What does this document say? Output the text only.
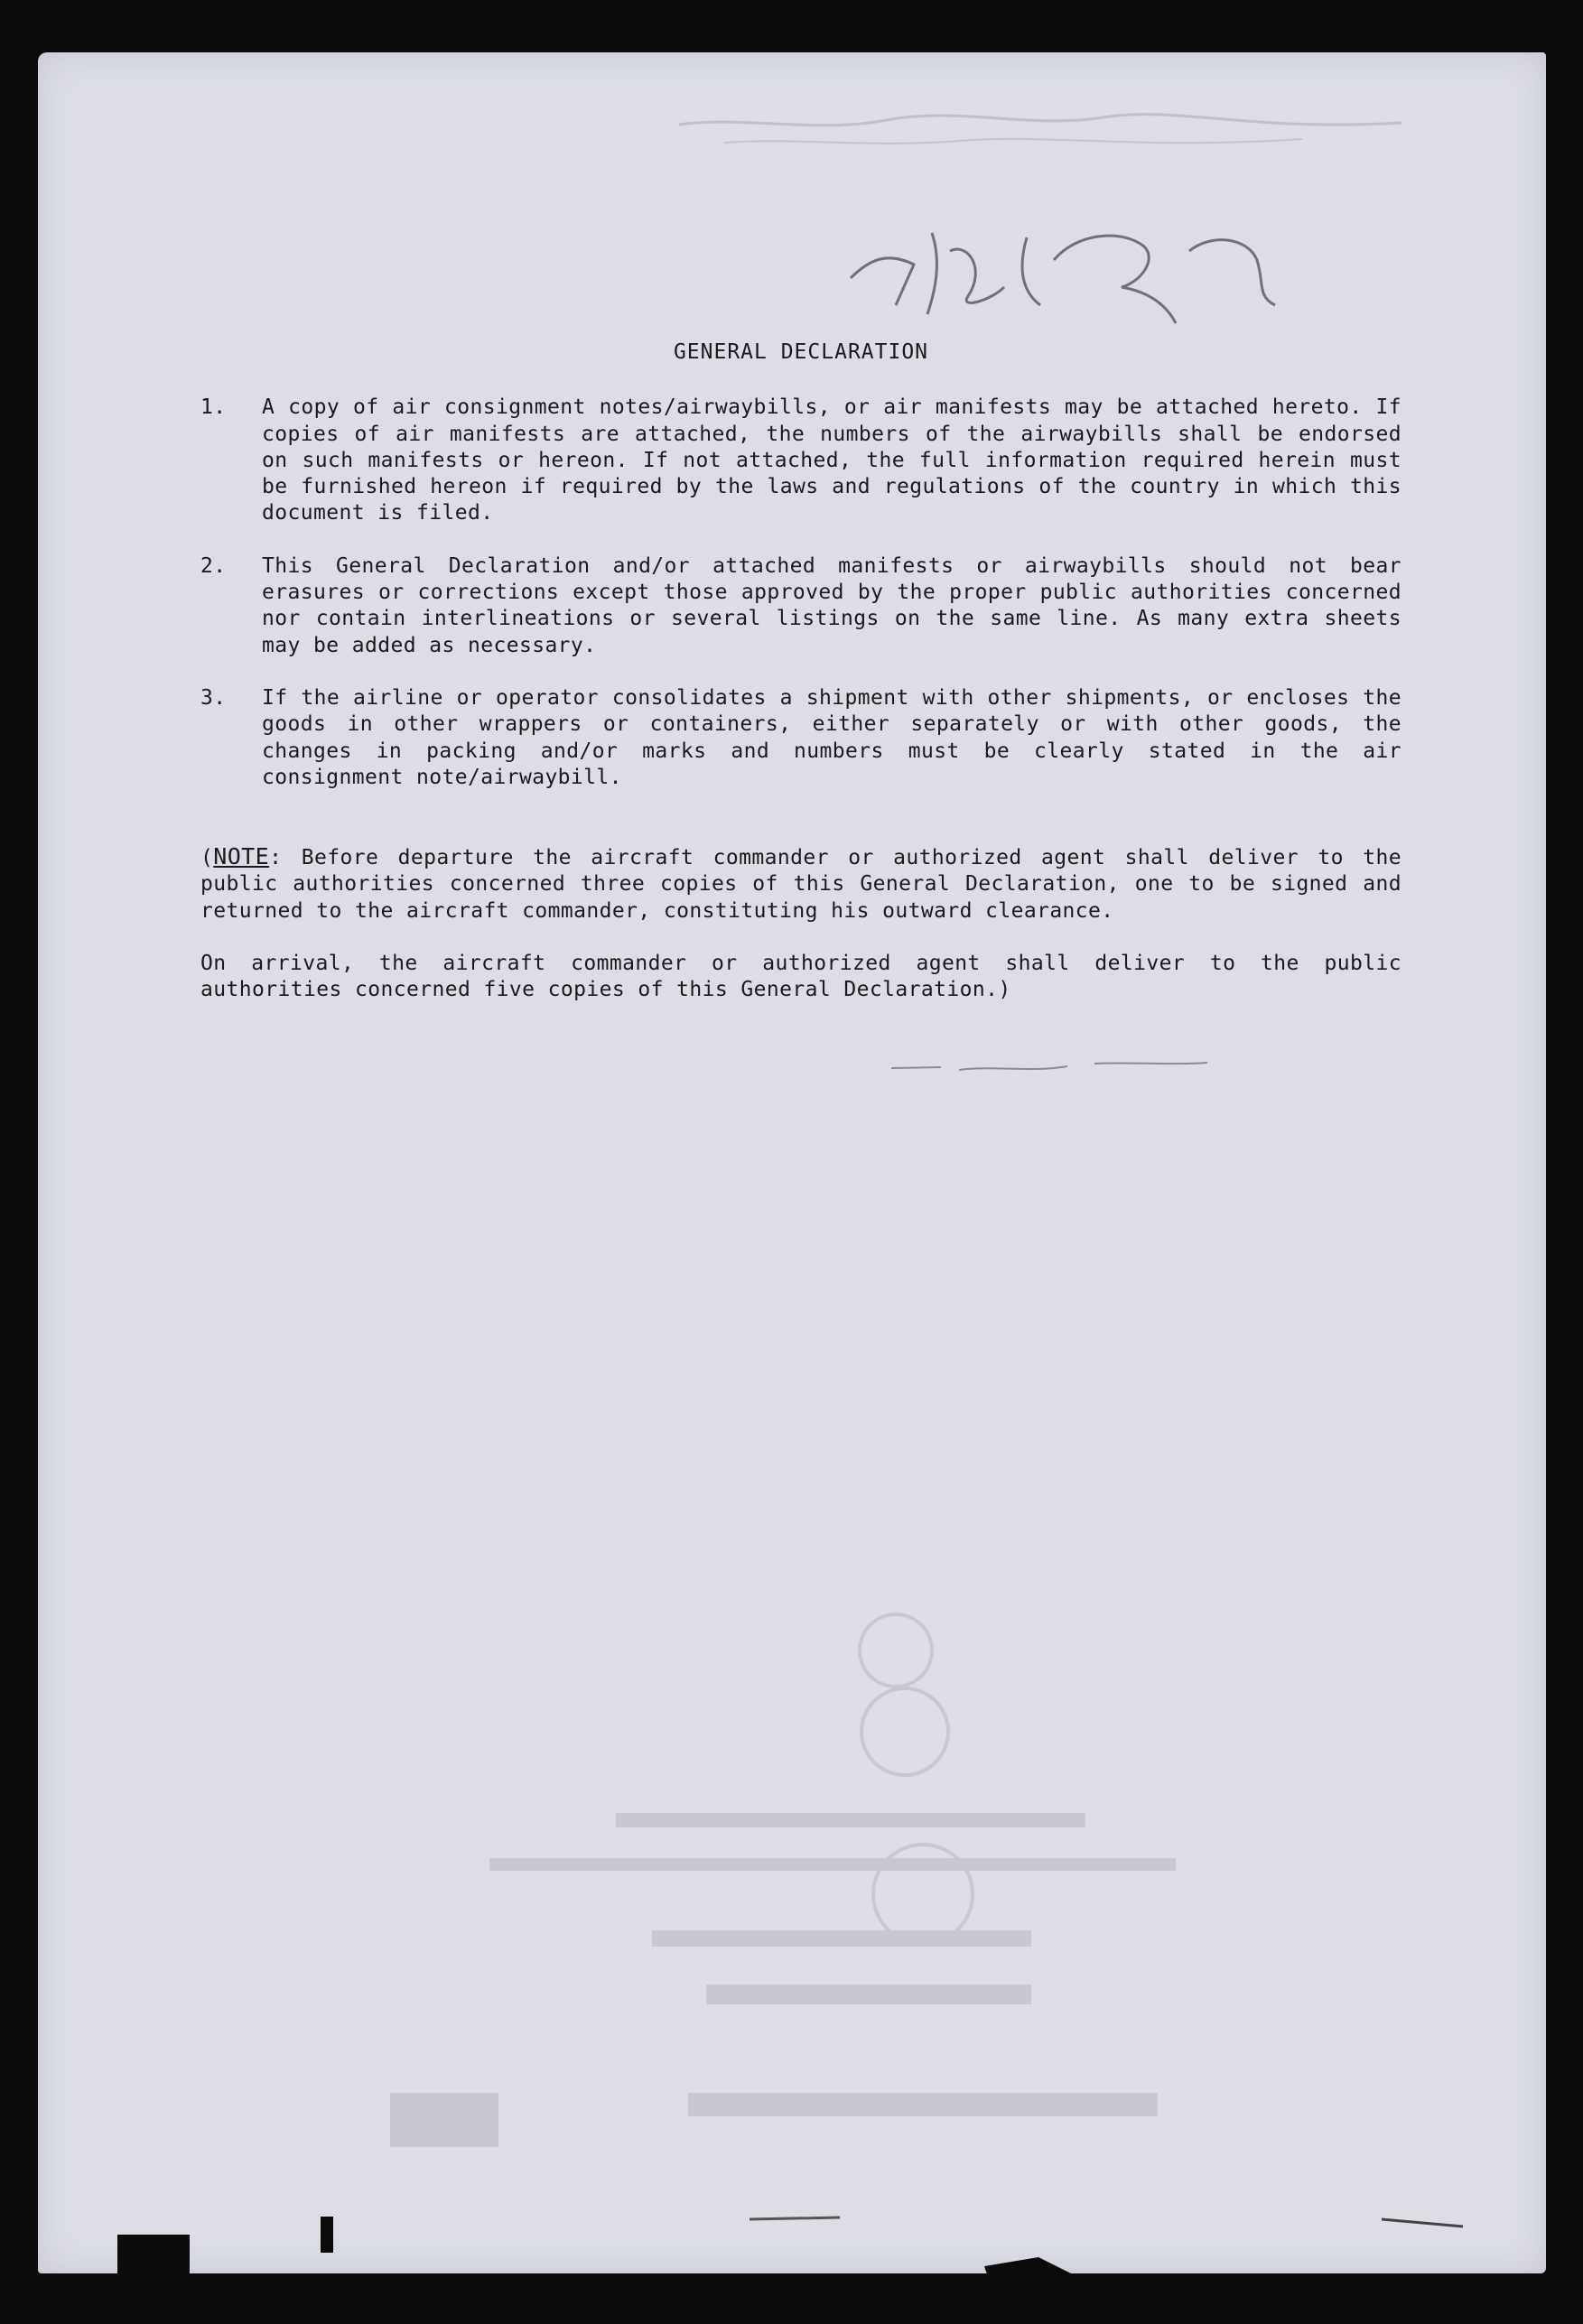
GENERAL DECLARATION
1. A copy of air consignment notes/airwaybills, or air manifests may be attached hereto. If copies of air manifests are attached, the numbers of the airwaybills shall be endorsed on such manifests or hereon. If not attached, the full information required herein must be furnished hereon if required by the laws and regulations of the country in which this document is filed.
2. This General Declaration and/or attached manifests or airwaybills should not bear erasures or corrections except those approved by the proper public authorities concerned nor contain interlineations or several listings on the same line. As many extra sheets may be added as necessary.
3. If the airline or operator consolidates a shipment with other shipments, or encloses the goods in other wrappers or containers, either separately or with other goods, the changes in packing and/or marks and numbers must be clearly stated in the air consignment note/airwaybill.

(NOTE: Before departure the aircraft commander or authorized agent shall deliver to the public authorities concerned three copies of this General Declaration, one to be signed and returned to the aircraft commander, constituting his outward clearance.

On arrival, the aircraft commander or authorized agent shall deliver to the public authorities concerned five copies of this General Declaration.)
